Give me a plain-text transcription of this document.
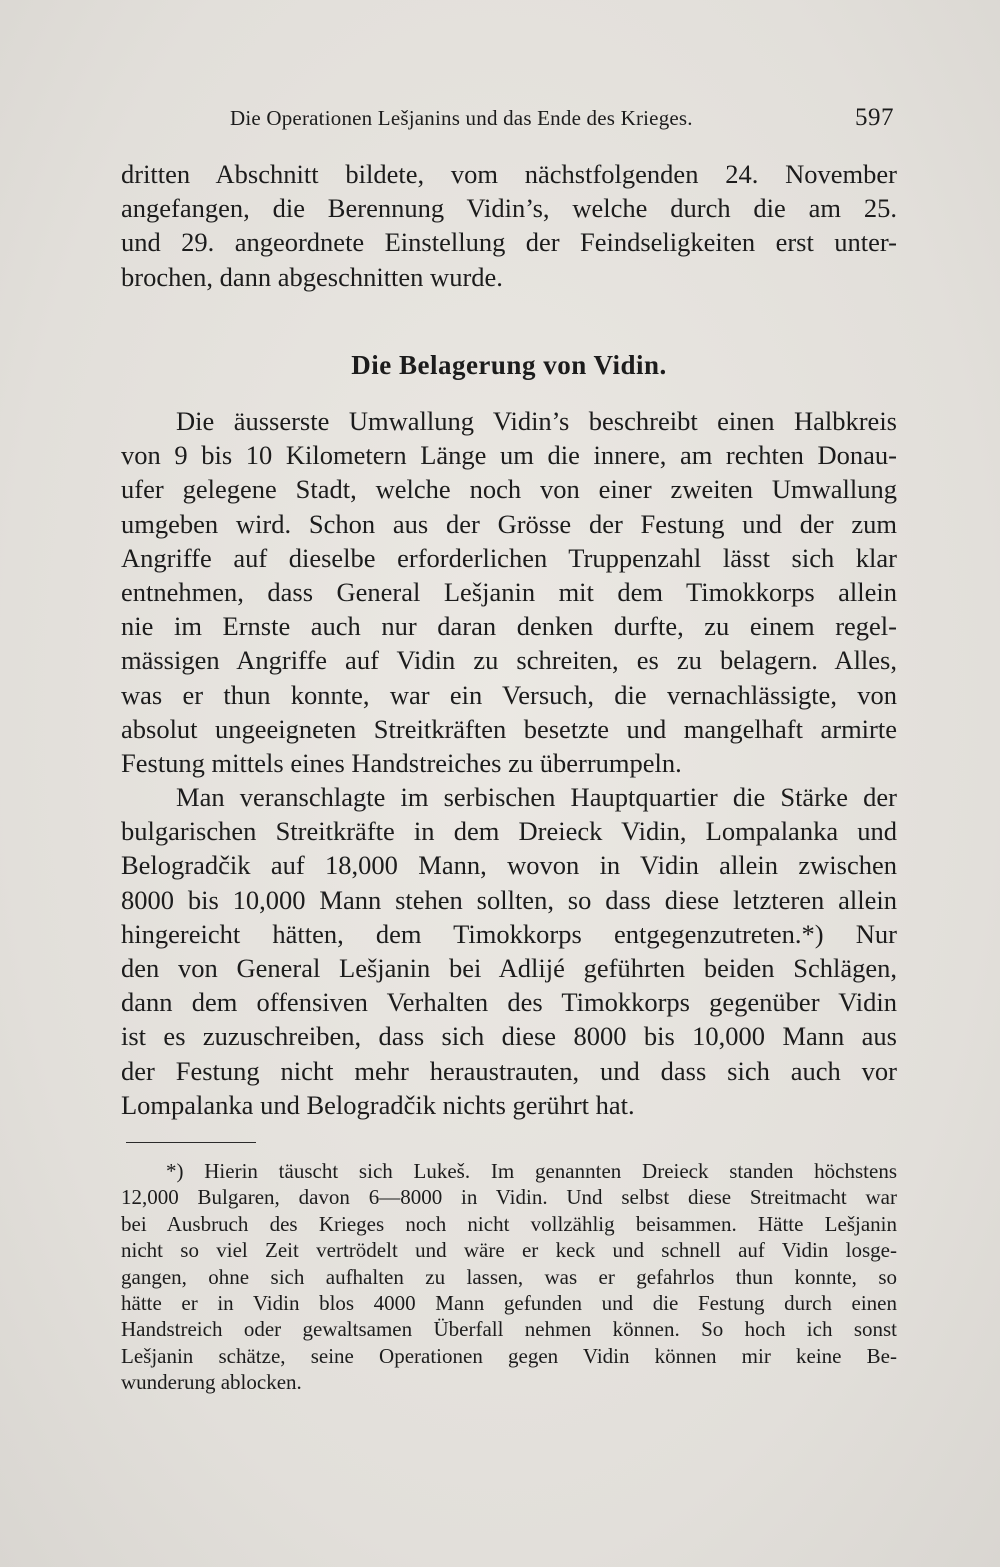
Die Operationen Lešjanins und das Ende des Krieges.	597
dritten Abschnitt bildete, vom nächstfolgenden 24. November
angefangen, die Berennung Vidin’s, welche durch die am 25.
und 29. angeordnete Einstellung der Feindseligkeiten erst unter-
brochen, dann abgeschnitten wurde.
Die Belagerung von Vidin.
Die äusserste Umwallung Vidin’s beschreibt einen Halbkreis
von 9 bis 10 Kilometern Länge um die innere, am rechten Donau-
ufer gelegene Stadt, welche noch von einer zweiten Umwallung
umgeben wird. Schon aus der Grösse der Festung und der zum
Angriffe auf dieselbe erforderlichen Truppenzahl lässt sich klar
entnehmen, dass General Lešjanin mit dem Timokkorps allein
nie im Ernste auch nur daran denken durfte, zu einem regel-
mässigen Angriffe auf Vidin zu schreiten, es zu belagern. Alles,
was er thun konnte, war ein Versuch, die vernachlässigte, von
absolut ungeeigneten Streitkräften besetzte und mangelhaft armirte
Festung mittels eines Handstreiches zu überrumpeln.
Man veranschlagte im serbischen Hauptquartier die Stärke der
bulgarischen Streitkräfte in dem Dreieck Vidin, Lompalanka und
Belogradčik auf 18,000 Mann, wovon in Vidin allein zwischen
8000 bis 10,000 Mann stehen sollten, so dass diese letzteren allein
hingereicht hätten, dem Timokkorps entgegenzutreten.*) Nur
den von General Lešjanin bei Adlijé geführten beiden Schlägen,
dann dem offensiven Verhalten des Timokkorps gegenüber Vidin
ist es zuzuschreiben, dass sich diese 8000 bis 10,000 Mann aus
der Festung nicht mehr heraustrauten, und dass sich auch vor
Lompalanka und Belogradčik nichts gerührt hat.
*) Hierin täuscht sich Lukeš. Im genannten Dreieck standen höchstens
12,000 Bulgaren, davon 6—8000 in Vidin. Und selbst diese Streitmacht war
bei Ausbruch des Krieges noch nicht vollzählig beisammen. Hätte Lešjanin
nicht so viel Zeit vertrödelt und wäre er keck und schnell auf Vidin losge-
gangen, ohne sich aufhalten zu lassen, was er gefahrlos thun konnte, so
hätte er in Vidin blos 4000 Mann gefunden und die Festung durch einen
Handstreich oder gewaltsamen Überfall nehmen können. So hoch ich sonst
Lešjanin schätze, seine Operationen gegen Vidin können mir keine Be-
wunderung ablocken.
